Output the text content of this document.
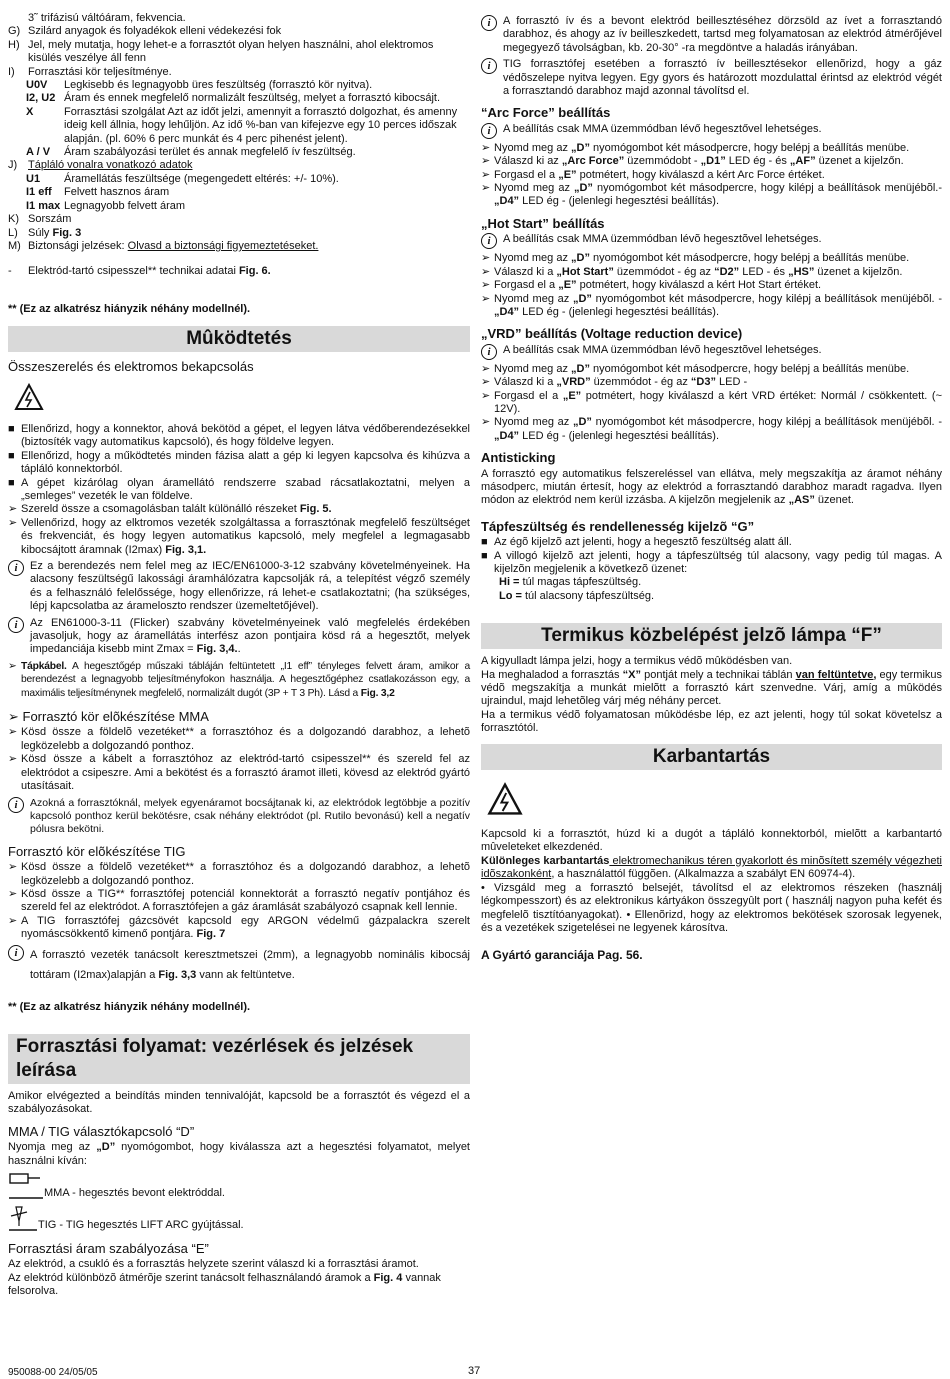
3˜ trifázisú váltóáram, fekvencia.
G) Szilárd anyagok és folyadékok elleni védekezési fok
H) Jel, mely mutatja, hogy lehet-e a forrasztót olyan helyen használni, ahol elektromos kisülés veszélye áll fenn
I)	Forrasztási kör teljesítménye.
U0V	Legkisebb és legnagyobb üres feszültség (forrasztó kör nyitva).
I2, U2 Áram és ennek megfelelő normalizált feszültség, melyet a forrasztó kibocsájt.
X	Forrasztási szolgálat Azt az időt jelzi, amennyit a forrasztó dolgozhat, és amenny ideig kell állnia, hogy lehűljön. Az idő %-ban van kifejezve egy 10 perces időszak alapján. (pl. 60% 6 perc munkát és 4 perc pihenést jelent).
A / V	Áram szabályozási terület és annak megfelelő ív feszültség.
J) Tápláló vonalra vonatkozó adatok
U1	Áramellátás feszültsége (megengedett eltérés: +/- 10%).
I1 eff	Felvett hasznos áram
I1 max Legnagyobb felvett áram
K) Sorszám
L) Súly Fig. 3
M) Biztonsági jelzések: Olvasd a biztonsági figyemeztetéseket.
-	Elektród-tartó csipesszel** technikai adatai Fig. 6.

** (Ez az alkatrész hiányzik néhány modellnél).

Mûködtetés
Összeszerelés és elektromos bekapcsolás
■ Ellenőrizd, hogy a konnektor, ahová bekötöd a gépet, el legyen látva védőberendezésekkel (biztosíték vagy automatikus kapcsoló), és hogy földelve legyen.
■ Ellenőrizd, hogy a működtetés minden fázisa alatt a gép ki legyen kapcsolva és kihúzva a tápláló konnektorból.
■ A gépet kizárólag olyan áramellátó rendszerre szabad rácsatlakoztatni, melyen a „semleges” vezeték le van földelve.
➢ Szereld össze a csomagolásban talált különálló részeket Fig. 5.
➢ Vellenőrizd, hogy az elktromos vezeték szolgáltassa a forrasztónak megfelelő feszültséget és frekvenciát, és hogy legyen automatikus kapcsoló, mely megfelel a legmagasabb kibocsájtott áramnak (I2max) Fig. 3,1.
i	Ez a berendezés nem felel meg az IEC/EN61000-3-12 szabvány követelményeinek. Ha alacsony feszültségű lakossági áramhálózatra kapcsolják rá, a telepítést végző személy és a felhasználó felelőssége, hogy ellenőrizze, rá lehet-e csatlakoztatni; (ha szükséges, lépj kapcsolatba az árameloszto rendszer üzemeltetőjével).
i	Az EN61000-3-11 (Flicker) szabvány követelményeinek való megfelelés érdekében javasoljuk, hogy az áramellátás interfész azon pontjaira kösd rá a hegesztőt, melyek impedanciája kisebb mint Zmax = Fig. 3,4..
➢ Tápkábel. A hegesztőgép műszaki tábláján feltüntetett „I1 eff” tényleges felvett áram, amikor a berendezést a legnagyobb teljesítményfokon használja. A hegesztőgéphez csatlakozásson egy, a maximális teljesítménynek megfelelő, normalizált dugót (3P + T 3 Ph). Lásd a Fig. 3,2
➢ Forrasztó kör elõkészítése MMA
➢ Kösd össze a földelõ vezetéket** a forrasztóhoz és a dolgozandó darabhoz, a lehetõ legközelebb a dolgozandó ponthoz.
➢ Kösd össze a kábelt a forrasztóhoz az elektród-tartó csipesszel** és szereld fel az elektródot a csipeszre. Ami a bekötést és a forrasztó áramot illeti, kövesd az elektród gyártó utasításait.
i	Azokná a forrasztóknál, melyek egyenáramot bocsájtanak ki, az elektródok legtöbbje a pozitív kapcsoló ponthoz kerül bekötésre, csak néhány elektródot (pl. Rutilo bevonású) kell a negatív pólusra bekötni.
Forrasztó kör elõkészítése TIG
➢ Kösd össze a földelõ vezetéket** a forrasztóhoz és a dolgozandó darabhoz, a lehetõ legközelebb a dolgozandó ponthoz.
➢ Kösd össze a TIG** forrasztófej potenciál konnektorát a forrasztó negatív pontjához és szereld fel az elektródot. A forrasztófejen a gáz áramlását szabályozó csapnak kell lennie.
➢ A TIG forrasztófej gázcsövét kapcsold egy ARGON védelmű gázpalackra szerelt nyomáscsökkentő kimenő pontjára. Fig. 7
i	A forrasztó vezeték tanácsolt keresztmetszei (2mm), a legnagyobb nominális kibocsáj tottáram (I2max)alapján a Fig. 3,3 vann ak feltüntetve.

** (Ez az alkatrész hiányzik néhány modellnél).

Forrasztási folyamat: vezérlések és jelzések leírása

Amikor elvégezted a beindítás minden tennivalóját, kapcsold be a forrasztót és végezd el a szabályozásokat.

MMA / TIG választókapcsoló “D”

Nyomja meg az „D” nyomógombot, hogy kiválassza azt a hegesztési folyamatot, melyet használni kíván:

MMA - hegesztés bevont elektróddal.
TIG - TIG hegesztés LIFT ARC gyújtással.
Forrasztási áram szabályozása “E”

Az elektród, a csukló és a forrasztás helyzete szerint válaszd ki a forrasztási áramot.

Az elektród különbözõ átmérõje szerint tanácsolt felhasználandó áramok a Fig. 4 vannak felsorolva.

i	A forrasztó ív és a bevont elektród beillesztéséhez dörzsöld az ívet a forrasztandó darabhoz, és ahogy az ív beilleszkedett, tartsd meg folyamatosan az elektród átmérőjével megegyező távolságban, kb. 20-30° -ra megdöntve a haladás irányában.
i	TIG forrasztófej esetében a forrasztó ív beillesztésekor ellenõrizd, hogy a gáz védõszelepe nyitva legyen. Egy gyors és határozott mozdulattal érintsd az elektród végét a forrasztandó darabhoz majd azonnal távolítsd el.
“Arc Force” beállítás
i	A beállítás csak MMA üzemmódban lévő hegesztővel lehetséges.
➢ Nyomd meg az „D” nyomógombot két másodpercre, hogy belépj a beállítás menübe.
➢ Válaszd ki az „Arc Force” üzemmódobt - „D1” LED ég - és „AF” üzenet a kijelzőn.
➢ Forgasd el a „E” potmétert, hogy kiválaszd a kért Arc Force értéket.
➢ Nyomd meg az „D” nyomógombot két másodpercre, hogy kilépj a beállítások menüjébõl.- „D4” LED ég - (jelenlegi hegesztési beállítás).
„Hot Start” beállítás
i	A beállítás csak MMA üzemmódban lévõ hegesztõvel lehetséges.
➢ Nyomd meg az „D” nyomógombot két másodpercre, hogy belépj a beállítás menübe.
➢ Válaszd ki a „Hot Start” üzemmódot - ég az “D2” LED - és „HS” üzenet a kijelzõn.
➢ Forgasd el a „E” potmétert, hogy kiválaszd a kért Hot Start értéket.
➢ Nyomd meg az „D” nyomógombot két másodpercre, hogy kilépj a beállítások menüjébõl. - „D4” LED ég - (jelenlegi hegesztési beállítás).
„VRD” beállítás (Voltage reduction device)
i	A beállítás csak MMA üzemmódban lévõ hegesztõvel lehetséges.
➢ Nyomd meg az „D” nyomógombot két másodpercre, hogy belépj a beállítás menübe.
➢ Válaszd ki a „VRD” üzemmódot - ég az “D3” LED -
➢ Forgasd el a „E” potmétert, hogy kiválaszd a kért VRD értéket: Normál / csökkentett. (~ 12V).
➢ Nyomd meg az „D” nyomógombot két másodpercre, hogy kilépj a beállítások menüjébõl. - „D4” LED ég - (jelenlegi hegesztési beállítás).
Antisticking

A forrasztó egy automatikus felszereléssel van ellátva, mely megszakítja az áramot néhány másodperc, miután értesít, hogy az elektród a forrasztandó darabhoz maradt ragadva. Ilyen módon az elektród nem kerül izzásba. A kijelzõn megjelenik az „AS” üzenet.

Tápfeszültség és rendellenesség kijelzõ “G”
■ Az égõ kijelzõ azt jelenti, hogy a hegesztõ feszültség alatt áll.
■ A villogó kijelzõ azt jelenti, hogy a tápfeszültség túl alacsony, vagy pedig túl magas. A kijelzõn megjelenik a következõ üzenet:

Hi = túl magas tápfeszültség.

Lo = túl alacsony tápfeszültség.

Termikus közbelépést jelzõ lámpa “F”

A kigyulladt lámpa jelzi, hogy a termikus védõ mûködésben van.

Ha meghaladod a forrasztás “X” pontját mely a technikai táblán van feltüntetve, egy termikus védõ megszakítja a munkát mielõtt a forrasztó kárt szenvedne. Várj, amíg a mûködés ujraindul, majd lehetõleg várj még néhány percet.

Ha a termikus védõ folyamatosan mûködésbe lép, ez azt jelenti, hogy túl sokat követelsz a forrasztótól.

Karbantartás

Kapcsold ki a forrasztót, húzd ki a dugót a tápláló konnektorból, mielõtt a karbantartó mûveleteket elkezdenéd.

Különleges karbantartás elektromechanikus téren gyakorlott és minõsített személy végezheti idõszakonként, a használattól függõen. (Alkalmazza a szabályt EN 60974-4).

• Vizsgáld meg a forrasztó belsejét, távolítsd el az elektromos részeken (használj légkompesszort) és az elektronikus kártyákon összegyûlt port ( használj nagyon puha kefét és megfelelõ tisztítóanyagokat). • Ellenõrizd, hogy az elektromos bekötések szorosak legyenek, és a vezetékek szigetelései ne legyenek károsítva.

A Gyártó garanciája Pag. 56.

950088-00 24/05/05	37
